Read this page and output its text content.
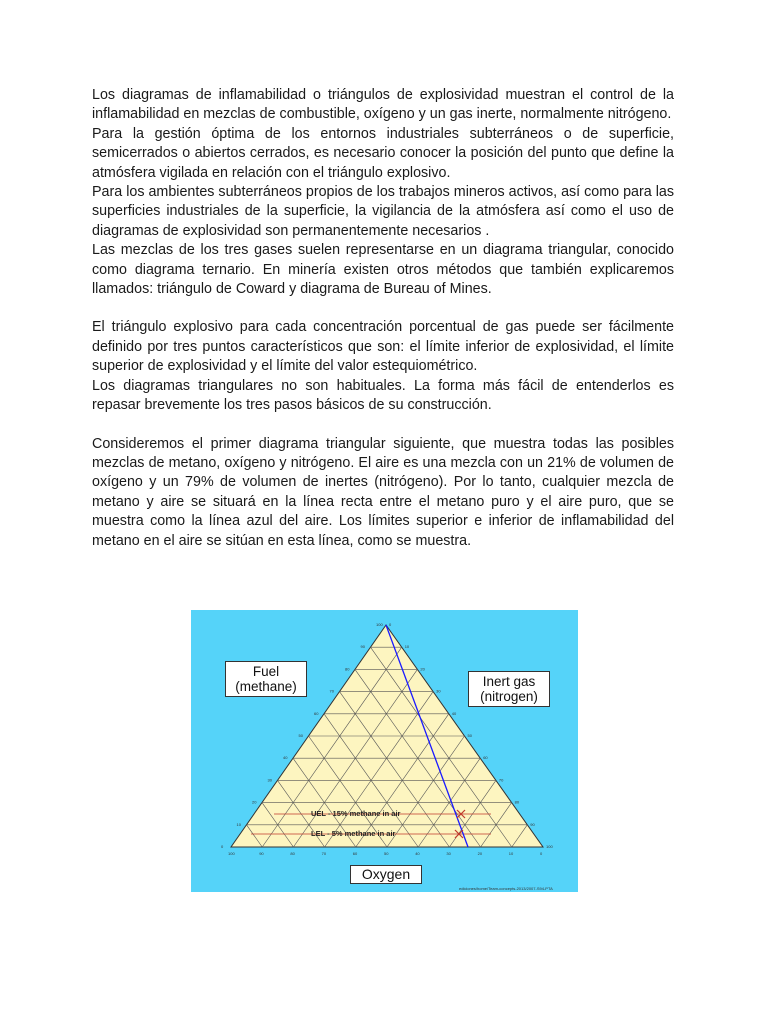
Los diagramas de inflamabilidad o triángulos de explosividad muestran el control de la inflamabilidad en mezclas de combustible, oxígeno y un gas inerte, normalmente nitrógeno.

Para la gestión óptima de los entornos industriales subterráneos o de superficie, semicerrados o abiertos cerrados, es necesario conocer la posición del punto que define la atmósfera vigilada en relación con el triángulo explosivo.

Para los ambientes subterráneos propios de los trabajos mineros activos, así como para las superficies industriales de la superficie, la vigilancia de la atmósfera así como el uso de diagramas de explosividad son permanentemente necesarios .

Las mezclas de los tres gases suelen representarse en un diagrama triangular, conocido como diagrama ternario. En minería existen otros métodos que también explicaremos llamados: triángulo de Coward y diagrama de Bureau of Mines.

El triángulo explosivo para cada concentración porcentual de gas puede ser fácilmente definido por tres puntos característicos que son: el límite inferior de explosividad, el límite superior de explosividad y el límite del valor estequiométrico.

Los diagramas triangulares no son habituales. La forma más fácil de entenderlos es repasar brevemente los tres pasos básicos de su construcción.

Consideremos el primer diagrama triangular siguiente, que muestra todas las posibles mezclas de metano, oxígeno y nitrógeno. El aire es una mezcla con un 21% de volumen de oxígeno y un 79% de volumen de inertes (nitrógeno). Por lo tanto, cualquier mezcla de metano y aire se situará en la línea recta entre el metano puro y el aire puro, que se muestra como la línea azul del aire. Los límites superior e inferior de inflamabilidad del metano en el aire se sitúan en esta línea, como se muestra.

100 0
100
90	10
90
80	20
80
70	30
70
60	40
60
50	50
50
40	60
40
30	70
30
20	80
20
10	90
10
0	100
0
UEL - 15% methane in air
LEL - 5% methane in air
Fuel
(methane)	Inert gas
(nitrogen)
Oxygen
ediciones/home/Team-concepts-2013/2007-S94-PTA
